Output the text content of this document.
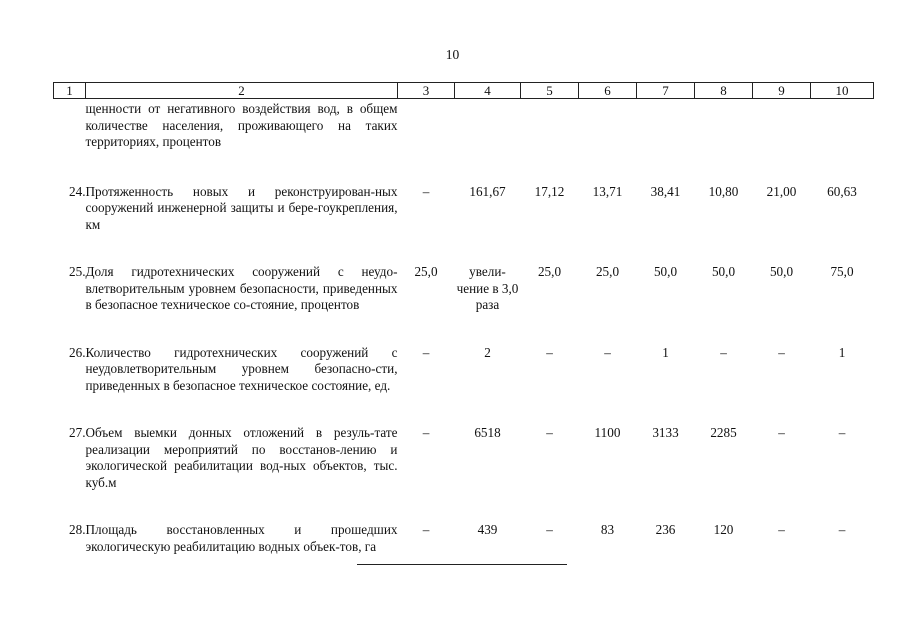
10
1	2	3	4	5	6	7	8	9	10
	щенности от негативного воздействия вод, в общем количестве населения, проживающего на таких территориях, процентов								
24.	Протяженность новых и реконструирован-ных сооружений инженерной защиты и бере-гоукрепления, км	–	161,67	17,12	13,71	38,41	10,80	21,00	60,63
25.	Доля гидротехнических сооружений с неудо-влетворительным уровнем безопасности, приведенных в безопасное техническое со-стояние, процентов	25,0	увели-чение в 3,0 раза	25,0	25,0	50,0	50,0	50,0	75,0
26.	Количество гидротехнических сооружений с неудовлетворительным уровнем безопасно-сти, приведенных в безопасное техническое состояние, ед.	–	2	–	–	1	–	–	1
27.	Объем выемки донных отложений в резуль-тате реализации мероприятий по восстанов-лению и экологической реабилитации вод-ных объектов, тыс. куб.м	–	6518	–	1100	3133	2285	–	–
28.	Площадь восстановленных и прошедших экологическую реабилитацию водных объек-тов, га	–	439	–	83	236	120	–	–
